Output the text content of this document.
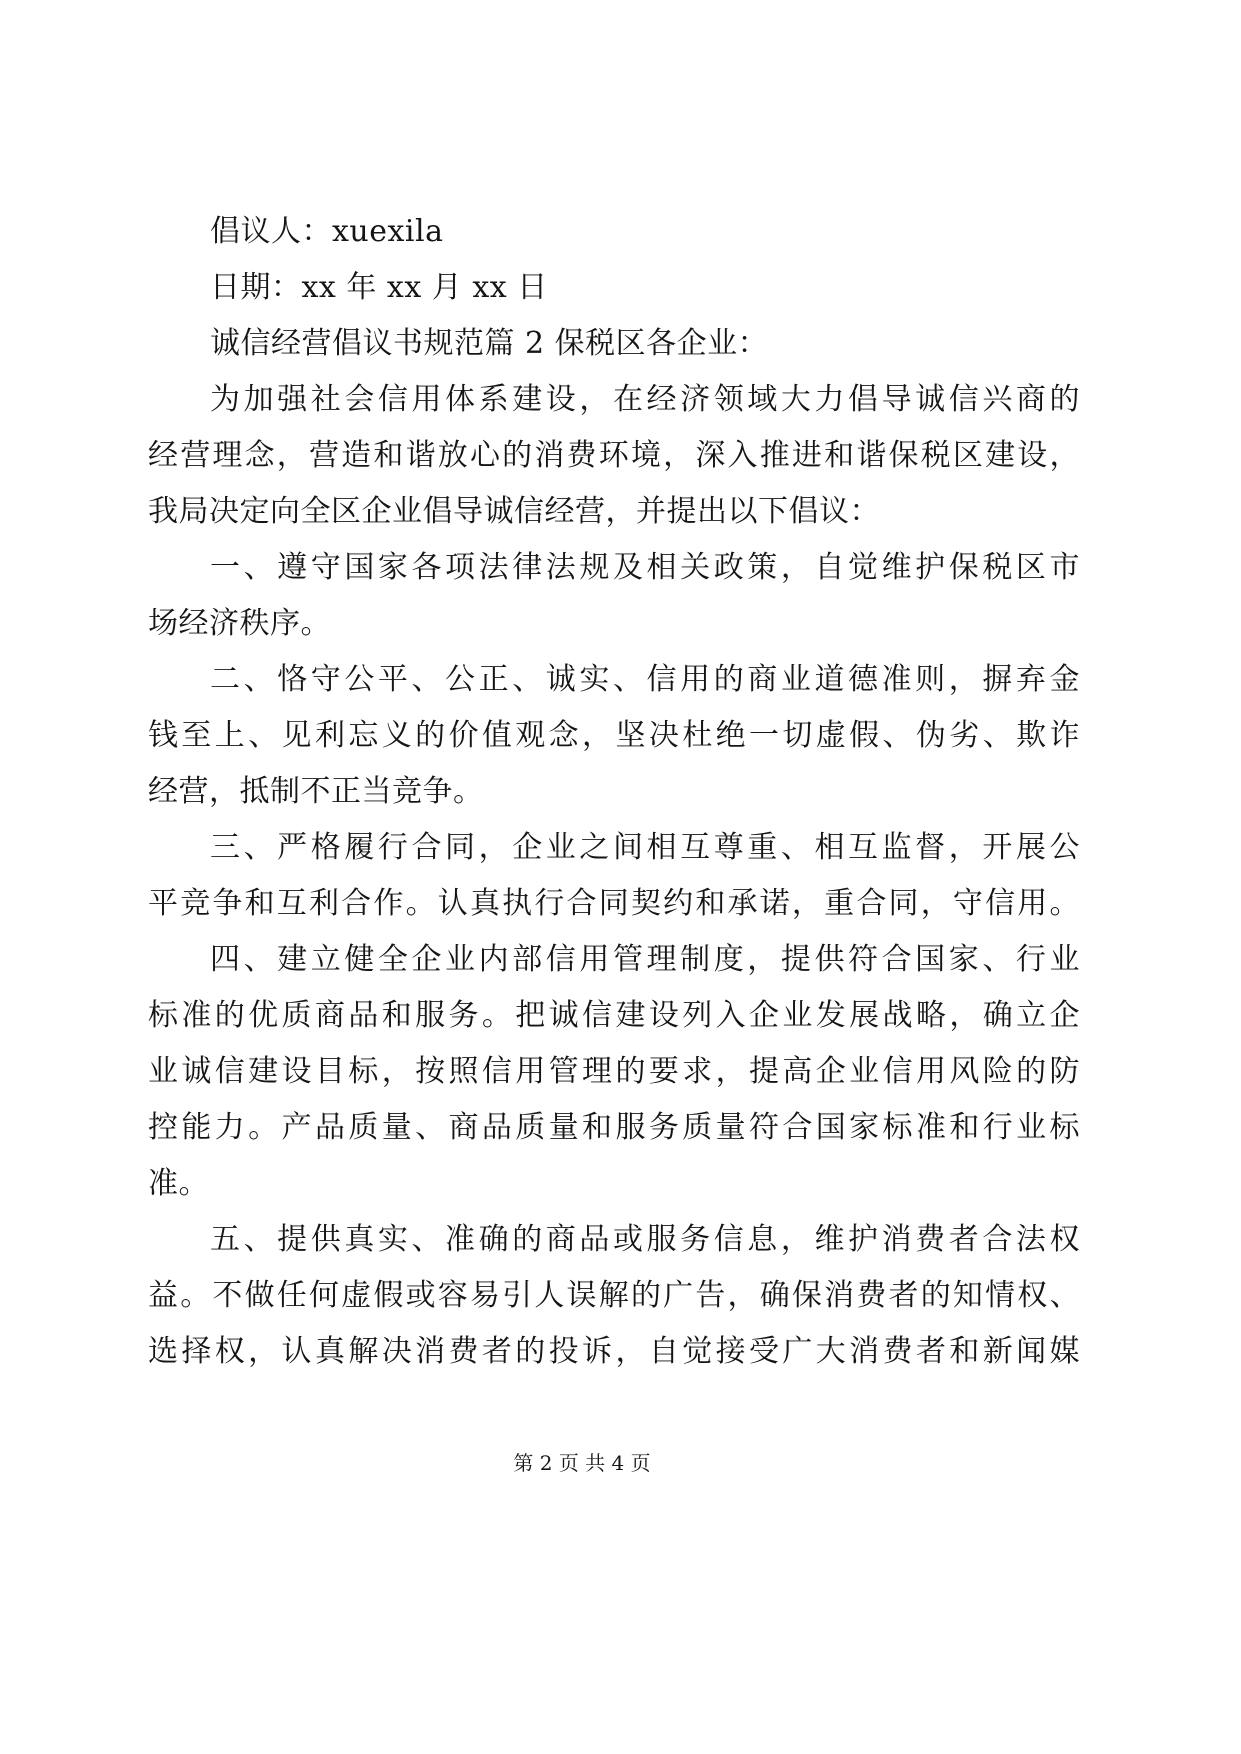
倡议人：xuexila
日期：xx 年 xx 月 xx 日
诚信经营倡议书规范篇 2 保税区各企业：
为加强社会信用体系建设，在经济领域大力倡导诚信兴商的
经营理念，营造和谐放心的消费环境，深入推进和谐保税区建设，
我局决定向全区企业倡导诚信经营，并提出以下倡议：
一、遵守国家各项法律法规及相关政策，自觉维护保税区市
场经济秩序。
二、恪守公平、公正、诚实、信用的商业道德准则，摒弃金
钱至上、见利忘义的价值观念，坚决杜绝一切虚假、伪劣、欺诈
经营，抵制不正当竞争。
三、严格履行合同，企业之间相互尊重、相互监督，开展公
平竞争和互利合作。认真执行合同契约和承诺，重合同，守信用。
四、建立健全企业内部信用管理制度，提供符合国家、行业
标准的优质商品和服务。把诚信建设列入企业发展战略，确立企
业诚信建设目标，按照信用管理的要求，提高企业信用风险的防
控能力。产品质量、商品质量和服务质量符合国家标准和行业标
准。
五、提供真实、准确的商品或服务信息，维护消费者合法权
益。不做任何虚假或容易引人误解的广告，确保消费者的知情权、
选择权，认真解决消费者的投诉，自觉接受广大消费者和新闻媒
第 2 页 共 4 页
